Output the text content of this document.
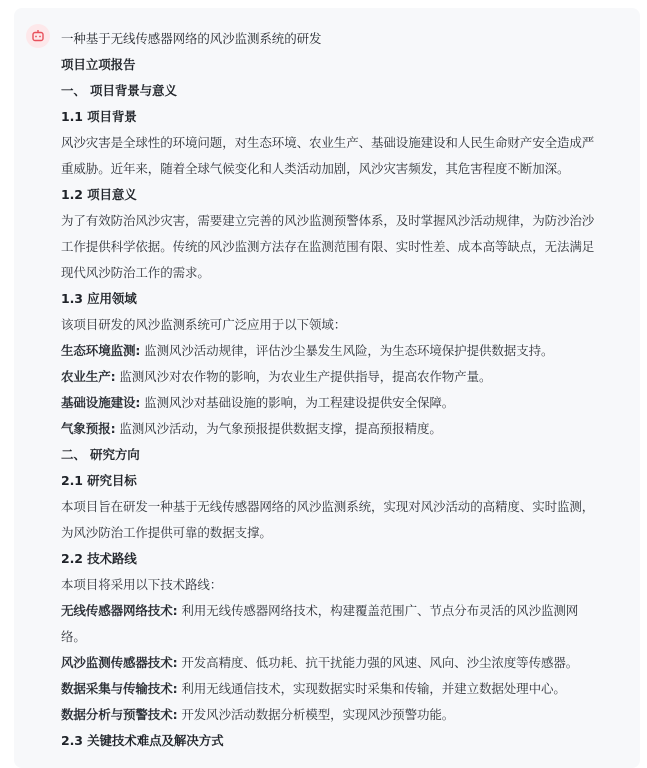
一种基于无线传感器网络的风沙监测系统的研发
项目立项报告
一、 项目背景与意义
1.1 项目背景
风沙灾害是全球性的环境问题，对生态环境、农业生产、基础设施建设和人民生命财产安全造成严
重威胁。近年来，随着全球气候变化和人类活动加剧，风沙灾害频发，其危害程度不断加深。
1.2 项目意义
为了有效防治风沙灾害，需要建立完善的风沙监测预警体系，及时掌握风沙活动规律，为防沙治沙
工作提供科学依据。传统的风沙监测方法存在监测范围有限、实时性差、成本高等缺点，无法满足
现代风沙防治工作的需求。
1.3 应用领域
该项目研发的风沙监测系统可广泛应用于以下领域：
生态环境监测: 监测风沙活动规律，评估沙尘暴发生风险，为生态环境保护提供数据支持。
农业生产: 监测风沙对农作物的影响，为农业生产提供指导，提高农作物产量。
基础设施建设: 监测风沙对基础设施的影响，为工程建设提供安全保障。
气象预报: 监测风沙活动，为气象预报提供数据支撑，提高预报精度。
二、 研究方向
2.1 研究目标
本项目旨在研发一种基于无线传感器网络的风沙监测系统，实现对风沙活动的高精度、实时监测，
为风沙防治工作提供可靠的数据支撑。
2.2 技术路线
本项目将采用以下技术路线：
无线传感器网络技术: 利用无线传感器网络技术，构建覆盖范围广、节点分布灵活的风沙监测网
络。
风沙监测传感器技术: 开发高精度、低功耗、抗干扰能力强的风速、风向、沙尘浓度等传感器。
数据采集与传输技术: 利用无线通信技术，实现数据实时采集和传输，并建立数据处理中心。
数据分析与预警技术: 开发风沙活动数据分析模型，实现风沙预警功能。
2.3 关键技术难点及解决方式
